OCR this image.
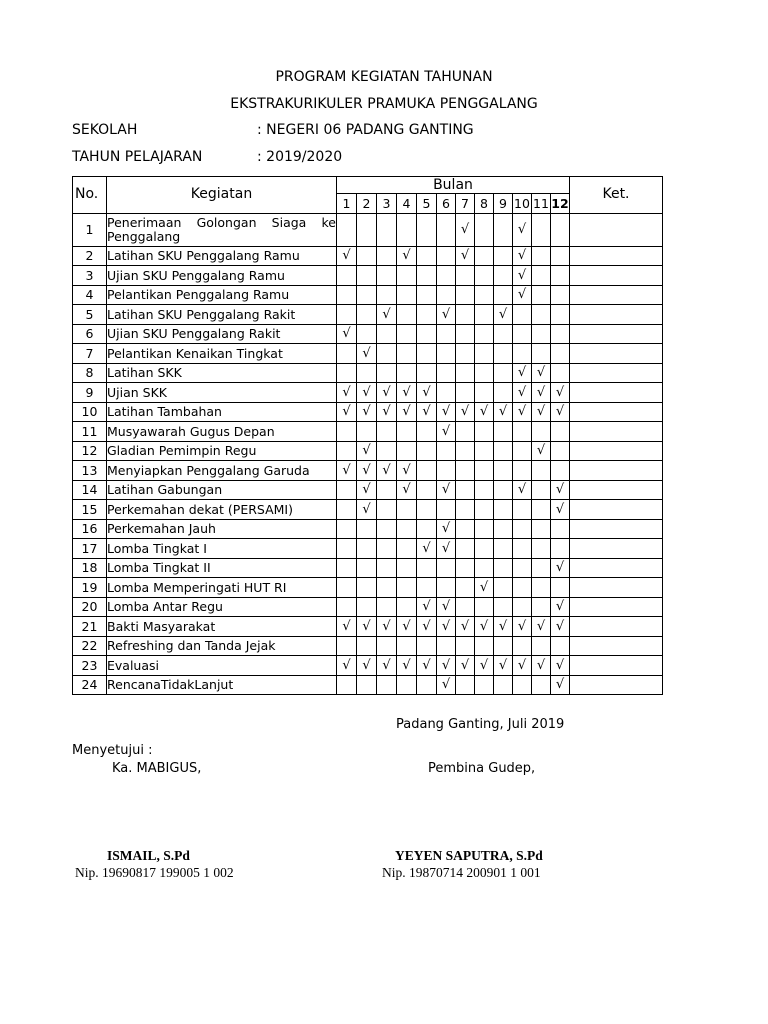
PROGRAM KEGIATAN TAHUNAN
EKSTRAKURIKULER PRAMUKA PENGGALANG
SEKOLAH	: NEGERI 06 PADANG GANTING
TAHUN PELAJARAN	: 2019/2020
No.	Kegiatan	Bulan												Ket.
		1	2	3	4	5	6	7	8	9	10	11	12	
1	Penerimaan Golongan Siaga ke Penggalang							√			√			
2	Latihan SKU Penggalang Ramu	√			√			√			√			
3	Ujian SKU Penggalang Ramu										√			
4	Pelantikan Penggalang Ramu										√			
5	Latihan SKU Penggalang Rakit			√			√			√				
6	Ujian SKU Penggalang Rakit	√												
7	Pelantikan Kenaikan Tingkat		√											
8	Latihan SKK										√	√		
9	Ujian SKK	√	√	√	√	√					√	√	√	
10	Latihan Tambahan	√	√	√	√	√	√	√	√	√	√	√	√	
11	Musyawarah Gugus Depan						√							
12	Gladian Pemimpin Regu		√									√		
13	Menyiapkan Penggalang Garuda	√	√	√	√									
14	Latihan Gabungan		√		√		√				√		√	
15	Perkemahan dekat (PERSAMI)		√										√	
16	Perkemahan Jauh						√							
17	Lomba Tingkat I					√	√							
18	Lomba Tingkat II												√	
19	Lomba Memperingati HUT RI								√					
20	Lomba Antar Regu					√	√						√	
21	Bakti Masyarakat	√	√	√	√	√	√	√	√	√	√	√	√	
22	Refreshing dan Tanda Jejak													
23	Evaluasi	√	√	√	√	√	√	√	√	√	√	√	√	
24	RencanaTidakLanjut						√						√	
Padang Ganting, Juli 2019
Menyetujui :
Ka. MABIGUS,	Pembina Gudep,
ISMAIL, S.Pd
Nip. 19690817 199005 1 002
YEYEN SAPUTRA, S.Pd
Nip. 19870714 200901 1 001
